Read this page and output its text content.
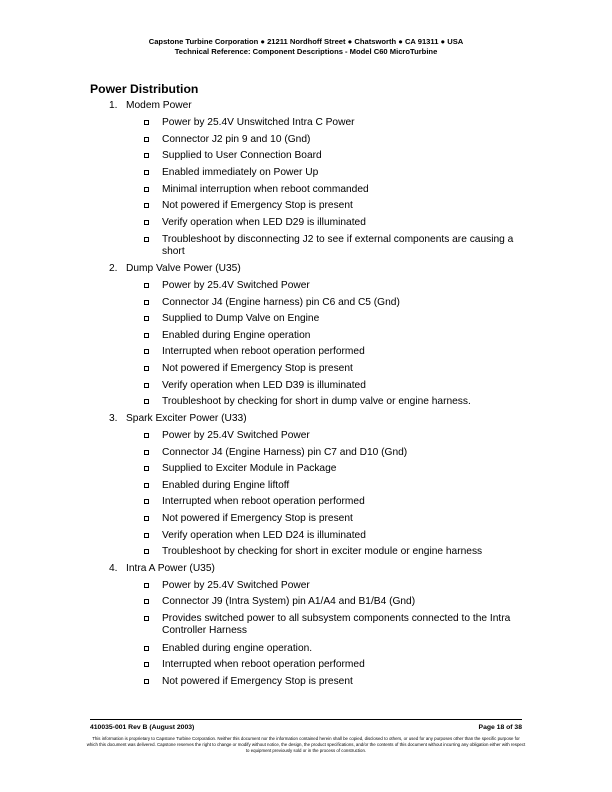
Capstone Turbine Corporation ● 21211 Nordhoff Street ● Chatsworth ● CA 91311 ● USA
Technical Reference: Component Descriptions - Model C60 MicroTurbine
Power Distribution
1. Modem Power
Power by 25.4V Unswitched Intra C Power
Connector J2 pin 9 and 10 (Gnd)
Supplied to User Connection Board
Enabled immediately on Power Up
Minimal interruption when reboot commanded
Not powered if Emergency Stop is present
Verify operation when LED D29 is illuminated
Troubleshoot by disconnecting J2 to see if external components are causing a short
2. Dump Valve Power (U35)
Power by 25.4V Switched Power
Connector J4 (Engine harness) pin C6 and C5 (Gnd)
Supplied to Dump Valve on Engine
Enabled during Engine operation
Interrupted when reboot operation performed
Not powered if Emergency Stop is present
Verify operation when LED D39 is illuminated
Troubleshoot by checking for short in dump valve or engine harness.
3. Spark Exciter Power (U33)
Power by 25.4V Switched Power
Connector J4 (Engine Harness) pin C7 and D10 (Gnd)
Supplied to Exciter Module in Package
Enabled during Engine liftoff
Interrupted when reboot operation performed
Not powered if Emergency Stop is present
Verify operation when LED D24 is illuminated
Troubleshoot by checking for short in exciter module or engine harness
4. Intra A Power (U35)
Power by 25.4V Switched Power
Connector J9 (Intra System) pin A1/A4 and B1/B4 (Gnd)
Provides switched power to all subsystem components connected to the Intra Controller Harness
Enabled during engine operation.
Interrupted when reboot operation performed
Not powered if Emergency Stop is present
410035-001 Rev B (August 2003)	Page 18 of 38
This information is proprietary to Capstone Turbine Corporation. Neither this document nor the information contained herein shall be copied, disclosed to others, or used for any purposes other than the specific purpose for which this document was delivered. Capstone reserves the right to change or modify without notice, the design, the product specifications, and/or the contents of this document without incurring any obligation either with respect to equipment previously sold or in the process of construction.
